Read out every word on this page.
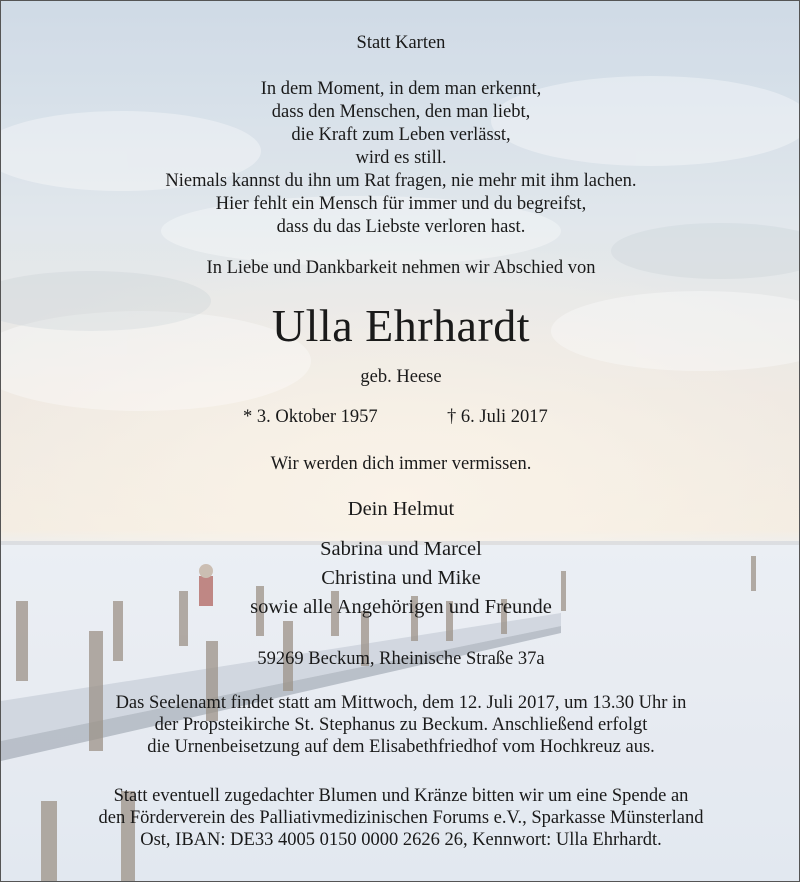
Statt Karten
In dem Moment, in dem man erkennt,
dass den Menschen, den man liebt,
die Kraft zum Leben verlässt,
wird es still.
Niemals kannst du ihn um Rat fragen, nie mehr mit ihm lachen.
Hier fehlt ein Mensch für immer und du begreifst,
dass du das Liebste verloren hast.
In Liebe und Dankbarkeit nehmen wir Abschied von
Ulla Ehrhardt
geb. Heese
* 3. Oktober 1957	† 6. Juli 2017
Wir werden dich immer vermissen.
Dein Helmut
Sabrina und Marcel
Christina und Mike
sowie alle Angehörigen und Freunde
59269 Beckum, Rheinische Straße 37a
Das Seelenamt findet statt am Mittwoch, dem 12. Juli 2017, um 13.30 Uhr in
der Propsteikirche St. Stephanus zu Beckum. Anschließend erfolgt
die Urnenbeisetzung auf dem Elisabethfriedhof vom Hochkreuz aus.
Statt eventuell zugedachter Blumen und Kränze bitten wir um eine Spende an
den Förderverein des Palliativmedizinischen Forums e.V., Sparkasse Münsterland
Ost, IBAN: DE33 4005 0150 0000 2626 26, Kennwort: Ulla Ehrhardt.
